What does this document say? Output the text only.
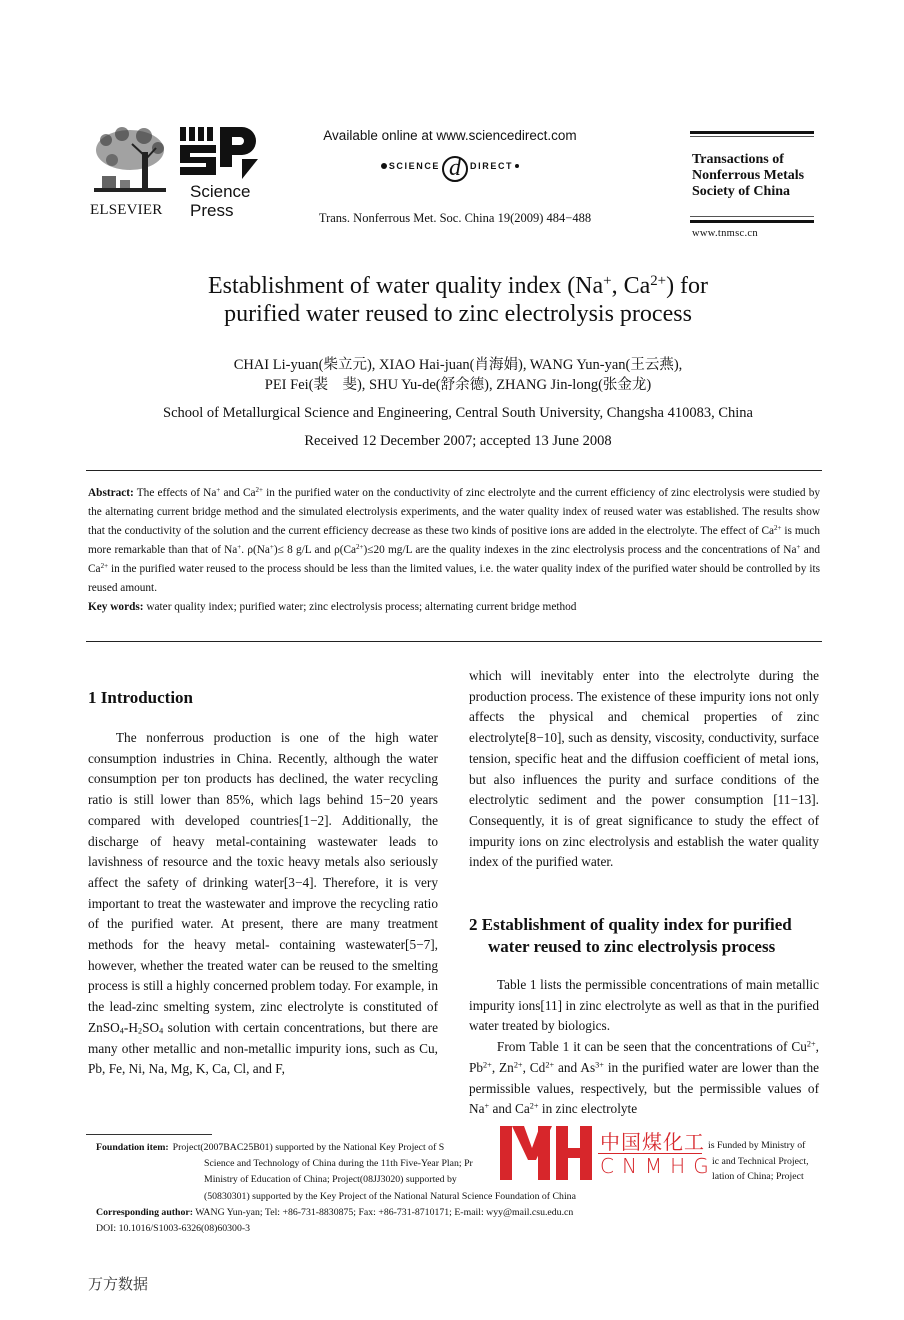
ELSEVIER
Science
Press
Available online at www.sciencedirect.com
SCIENCE d	DIRECT
Trans. Nonferrous Met. Soc. China 19(2009) 484−488
Transactions of
Nonferrous Metals
Society of China
www.tnmsc.cn
Establishment of water quality index (Na+, $Ca^{2+}$) for
purified water reused to zinc electrolysis process
CHAI Li-yuan(柴立元), XIAO Hai-juan(肖海娟), WANG Yun-yan(王云燕),
PEI Fei(裴　斐), SHU Yu-de(舒余德), ZHANG Jin-long(张金龙)
School of Metallurgical Science and Engineering, Central South University, Changsha 410083, China
Received 12 December 2007; accepted 13 June 2008
Abstract: The effects of Na+ and $Ca^{2+}$ in the purified water on the conductivity of zinc electrolyte and the current efficiency of zinc electrolysis were studied by the alternating current bridge method and the simulated electrolysis experiments, and the water quality index of reused water was established. The results show that the conductivity of the solution and the current efficiency decrease as these two kinds of positive ions are added in the electrolyte. The effect of $Ca^{2+}$ is much more remarkable than that of Na+. ρ(Na+)≤ 8 g/L and $\rho(Ca^{2+})\le 20$ mg/L are the quality indexes in the zinc electrolysis process and the concentrations of Na+ and $Ca^{2+}$ in the purified water reused to the process should be less than the limited values, i.e. the water quality index of the purified water should be controlled by its reused amount.
Key words: water quality index; purified water; zinc electrolysis process; alternating current bridge method
1 Introduction

The nonferrous production is one of the high water consumption industries in China. Recently, although the water consumption per ton products has declined, the water recycling ratio is still lower than 85%, which lags behind 15−20 years compared with developed countries[1−2]. Additionally, the discharge of heavy metal-containing wastewater leads to lavishness of resource and the toxic heavy metals also seriously affect the safety of drinking water[3−4]. Therefore, it is very important to treat the wastewater and improve the recycling ratio of the purified water. At present, there are many treatment methods for the heavy metal- containing wastewater[5−7], however, whether the treated water can be reused to the smelting process is still a highly concerned problem today. For example, in the lead-zinc smelting system, zinc electrolyte is constituted of $ZnSO_4-H_2SO_4$ solution with certain concentrations, but there are many other metallic and non-metallic impurity ions, such as Cu, Pb, Fe, Ni, Na, Mg, K, Ca, Cl, and F,

which will inevitably enter into the electrolyte during the production process. The existence of these impurity ions not only affects the physical and chemical properties of zinc electrolyte[8−10], such as density, viscosity, conductivity, surface tension, specific heat and the diffusion coefficient of metal ions, but also influences the purity and surface conditions of the electrolytic sediment and the power consumption [11−13]. Consequently, it is of great significance to study the effect of impurity ions on zinc electrolysis and establish the water quality index of the purified water.

2 Establishment of quality index for purified water reused to zinc electrolysis process

Table 1 lists the permissible concentrations of main metallic impurity ions[11] in zinc electrolyte as well as that in the purified water treated by biologics.

From Table 1 it can be seen that the concentrations of $Cu^{2+}$, $Pb^{2+}$, $Zn^{2+}$, $Cd^{2+}$ and $As^{3+}$ in the purified water are lower than the permissible values, respectively, but the permissible values of Na+ and $Ca^{2+}$ in zinc electrolyte

Foundation item: Project(2007BAC25B01) supported by the National Key Project of S
Science and Technology of China during the 11th Five-Year Plan; Pr
Ministry of Education of China; Project(08JJ3020) supported by
(50830301) supported by the Key Project of the National Natural Science Foundation of China
Corresponding author: WANG Yun-yan; Tel: +86-731-8830875; Fax: +86-731-8710171; E-mail: wyy@mail.csu.edu.cn
DOI: 10.1016/S1003-6326(08)60300-3
中国煤化工
CNMHG
is Funded by Ministry of
ic and Technical Project,
lation of China; Project
万方数据
